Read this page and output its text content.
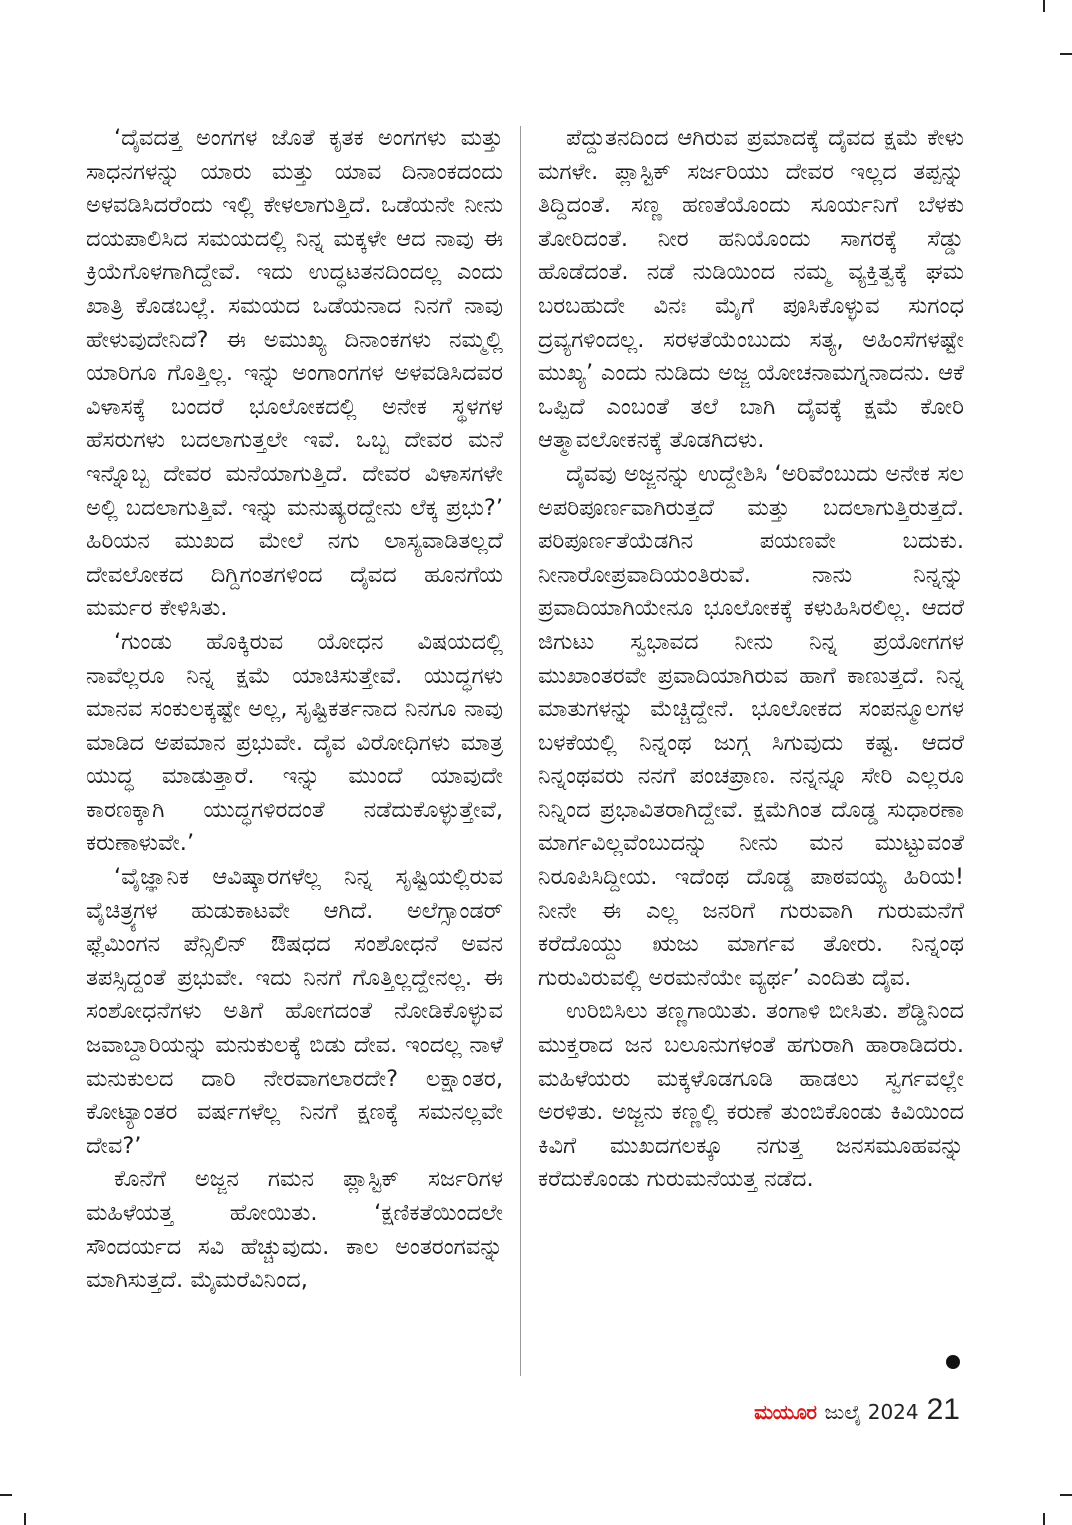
‘ದೈವದತ್ತ ಅಂಗಗಳ ಜೊತೆ ಕೃತಕ ಅಂಗಗಳು ಮತ್ತು ಸಾಧನಗಳನ್ನು ಯಾರು ಮತ್ತು ಯಾವ ದಿನಾಂಕದಂದು ಅಳವಡಿಸಿದರೆಂದು ಇಲ್ಲಿ ಕೇಳಲಾಗುತ್ತಿದೆ. ಒಡೆಯನೇ ನೀನು ದಯಪಾಲಿಸಿದ ಸಮಯದಲ್ಲಿ ನಿನ್ನ ಮಕ್ಕಳೇ ಆದ ನಾವು ಈ ಕ್ರಿಯೆಗೊಳಗಾಗಿದ್ದೇವೆ. ಇದು ಉದ್ಧಟತನದಿಂದಲ್ಲ ಎಂದು ಖಾತ್ರಿ ಕೊಡಬಲ್ಲೆ. ಸಮಯದ ಒಡೆಯನಾದ ನಿನಗೆ ನಾವು ಹೇಳುವುದೇನಿದೆ? ಈ ಅಮುಖ್ಯ ದಿನಾಂಕಗಳು ನಮ್ಮಲ್ಲಿ ಯಾರಿಗೂ ಗೊತ್ತಿಲ್ಲ. ಇನ್ನು ಅಂಗಾಂಗಗಳ ಅಳವಡಿಸಿದವರ ವಿಳಾಸಕ್ಕೆ ಬಂದರೆ ಭೂಲೋಕದಲ್ಲಿ ಅನೇಕ ಸ್ಥಳಗಳ ಹೆಸರುಗಳು ಬದಲಾಗುತ್ತಲೇ ಇವೆ. ಒಬ್ಬ ದೇವರ ಮನೆ ಇನ್ನೊಬ್ಬ ದೇವರ ಮನೆಯಾಗುತ್ತಿದೆ. ದೇವರ ವಿಳಾಸಗಳೇ ಅಲ್ಲಿ ಬದಲಾಗುತ್ತಿವೆ. ಇನ್ನು ಮನುಷ್ಯರದ್ದೇನು ಲೆಕ್ಕ ಪ್ರಭು?’ ಹಿರಿಯನ ಮುಖದ ಮೇಲೆ ನಗು ಲಾಸ್ಯವಾಡಿತಲ್ಲದೆ ದೇವಲೋಕದ ದಿಗ್ದಿಗಂತಗಳಿಂದ ದೈವದ ಹೂನಗೆಯ ಮರ್ಮರ ಕೇಳಿಸಿತು.

‘ಗುಂಡು ಹೊಕ್ಕಿರುವ ಯೋಧನ ವಿಷಯದಲ್ಲಿ ನಾವೆಲ್ಲರೂ ನಿನ್ನ ಕ್ಷಮೆ ಯಾಚಿಸುತ್ತೇವೆ. ಯುದ್ಧಗಳು ಮಾನವ ಸಂಕುಲಕ್ಕಷ್ಟೇ ಅಲ್ಲ, ಸೃಷ್ಟಿಕರ್ತನಾದ ನಿನಗೂ ನಾವು ಮಾಡಿದ ಅಪಮಾನ ಪ್ರಭುವೇ. ದೈವ ವಿರೋಧಿಗಳು ಮಾತ್ರ ಯುದ್ಧ ಮಾಡುತ್ತಾರೆ. ಇನ್ನು ಮುಂದೆ ಯಾವುದೇ ಕಾರಣಕ್ಕಾಗಿ ಯುದ್ಧಗಳಿರದಂತೆ ನಡೆದುಕೊಳ್ಳುತ್ತೇವೆ, ಕರುಣಾಳುವೇ.’

‘ವೈಜ್ಞಾನಿಕ ಆವಿಷ್ಕಾರಗಳೆಲ್ಲ ನಿನ್ನ ಸೃಷ್ಟಿಯಲ್ಲಿರುವ ವೈಚಿತ್ರ್ಯಗಳ ಹುಡುಕಾಟವೇ ಆಗಿದೆ. ಅಲೆಗ್ಸಾಂಡರ್ ಫ್ಲೆಮಿಂಗನ ಪೆನ್ಸಿಲಿನ್ ಔಷಧದ ಸಂಶೋಧನೆ ಅವನ ತಪಸ್ಸಿದ್ದಂತೆ ಪ್ರಭುವೇ. ಇದು ನಿನಗೆ ಗೊತ್ತಿಲ್ಲದ್ದೇನಲ್ಲ. ಈ ಸಂಶೋಧನೆಗಳು ಅತಿಗೆ ಹೋಗದಂತೆ ನೋಡಿಕೊಳ್ಳುವ ಜವಾಬ್ದಾರಿಯನ್ನು ಮನುಕುಲಕ್ಕೆ ಬಿಡು ದೇವ. ಇಂದಲ್ಲ ನಾಳೆ ಮನುಕುಲದ ದಾರಿ ನೇರವಾಗಲಾರದೇ? ಲಕ್ಷಾಂತರ, ಕೋಟ್ಯಾಂತರ ವರ್ಷಗಳೆಲ್ಲ ನಿನಗೆ ಕ್ಷಣಕ್ಕೆ ಸಮನಲ್ಲವೇ ದೇವ?’

ಕೊನೆಗೆ ಅಜ್ಜನ ಗಮನ ಪ್ಲಾಸ್ಟಿಕ್ ಸರ್ಜರಿಗಳ ಮಹಿಳೆಯತ್ತ ಹೋಯಿತು. ‘ಕ್ಷಣಿಕತೆಯಿಂದಲೇ ಸೌಂದರ್ಯದ ಸವಿ ಹೆಚ್ಚುವುದು. ಕಾಲ ಅಂತರಂಗವನ್ನು ಮಾಗಿಸುತ್ತದೆ. ಮೈಮರೆವಿನಿಂದ,

ಪೆದ್ದುತನದಿಂದ ಆಗಿರುವ ಪ್ರಮಾದಕ್ಕೆ ದೈವದ ಕ್ಷಮೆ ಕೇಳು ಮಗಳೇ. ಪ್ಲಾಸ್ಟಿಕ್ ಸರ್ಜರಿಯು ದೇವರ ಇಲ್ಲದ ತಪ್ಪನ್ನು ತಿದ್ದಿದಂತೆ. ಸಣ್ಣ ಹಣತೆಯೊಂದು ಸೂರ್ಯನಿಗೆ ಬೆಳಕು ತೋರಿದಂತೆ. ನೀರ ಹನಿಯೊಂದು ಸಾಗರಕ್ಕೆ ಸೆಡ್ಡು ಹೊಡೆದಂತೆ. ನಡೆ ನುಡಿಯಿಂದ ನಮ್ಮ ವ್ಯಕ್ತಿತ್ವಕ್ಕೆ ಘಮ ಬರಬಹುದೇ ವಿನಃ ಮೈಗೆ ಪೂಸಿಕೊಳ್ಳುವ ಸುಗಂಧ ದ್ರವ್ಯಗಳಿಂದಲ್ಲ. ಸರಳತೆಯೆಂಬುದು ಸತ್ಯ, ಅಹಿಂಸೆಗಳಷ್ಟೇ ಮುಖ್ಯ’ ಎಂದು ನುಡಿದು ಅಜ್ಜ ಯೋಚನಾಮಗ್ನನಾದನು. ಆಕೆ ಒಪ್ಪಿದೆ ಎಂಬಂತೆ ತಲೆ ಬಾಗಿ ದೈವಕ್ಕೆ ಕ್ಷಮೆ ಕೋರಿ ಆತ್ಮಾವಲೋಕನಕ್ಕೆ ತೊಡಗಿದಳು.

ದೈವವು ಅಜ್ಜನನ್ನು ಉದ್ದೇಶಿಸಿ ‘ಅರಿವೆಂಬುದು ಅನೇಕ ಸಲ ಅಪರಿಪೂರ್ಣವಾಗಿರುತ್ತದೆ ಮತ್ತು ಬದಲಾಗುತ್ತಿರುತ್ತದೆ. ಪರಿಪೂರ್ಣತೆಯೆಡಗಿನ ಪಯಣವೇ ಬದುಕು. ನೀನಾರೋಪ್ರವಾದಿಯಂತಿರುವೆ. ನಾನು ನಿನ್ನನ್ನು ಪ್ರವಾದಿಯಾಗಿಯೇನೂ ಭೂಲೋಕಕ್ಕೆ ಕಳುಹಿಸಿರಲಿಲ್ಲ. ಆದರೆ ಜಿಗುಟು ಸ್ವಭಾವದ ನೀನು ನಿನ್ನ ಪ್ರಯೋಗಗಳ ಮುಖಾಂತರವೇ ಪ್ರವಾದಿಯಾಗಿರುವ ಹಾಗೆ ಕಾಣುತ್ತದೆ. ನಿನ್ನ ಮಾತುಗಳನ್ನು ಮೆಚ್ಚಿದ್ದೇನೆ. ಭೂಲೋಕದ ಸಂಪನ್ಮೂಲಗಳ ಬಳಕೆಯಲ್ಲಿ ನಿನ್ನಂಥ ಜುಗ್ಗ ಸಿಗುವುದು ಕಷ್ಟ. ಆದರೆ ನಿನ್ನಂಥವರು ನನಗೆ ಪಂಚಪ್ರಾಣ. ನನ್ನನ್ನೂ ಸೇರಿ ಎಲ್ಲರೂ ನಿನ್ನಿಂದ ಪ್ರಭಾವಿತರಾಗಿದ್ದೇವೆ. ಕ್ಷಮೆಗಿಂತ ದೊಡ್ಡ ಸುಧಾರಣಾ ಮಾರ್ಗವಿಲ್ಲವೆಂಬುದನ್ನು ನೀನು ಮನ ಮುಟ್ಟುವಂತೆ ನಿರೂಪಿಸಿದ್ದೀಯ. ಇದೆಂಥ ದೊಡ್ಡ ಪಾಠವಯ್ಯ ಹಿರಿಯ! ನೀನೇ ಈ ಎಲ್ಲ ಜನರಿಗೆ ಗುರುವಾಗಿ ಗುರುಮನೆಗೆ ಕರೆದೊಯ್ದು ಋಜು ಮಾರ್ಗವ ತೋರು. ನಿನ್ನಂಥ ಗುರುವಿರುವಲ್ಲಿ ಅರಮನೆಯೇ ವ್ಯರ್ಥ’ ಎಂದಿತು ದೈವ.

ಉರಿಬಿಸಿಲು ತಣ್ಣಗಾಯಿತು. ತಂಗಾಳಿ ಬೀಸಿತು. ಶೆಡ್ಡಿನಿಂದ ಮುಕ್ತರಾದ ಜನ ಬಲೂನುಗಳಂತೆ ಹಗುರಾಗಿ ಹಾರಾಡಿದರು. ಮಹಿಳೆಯರು ಮಕ್ಕಳೊಡಗೂಡಿ ಹಾಡಲು ಸ್ವರ್ಗವಲ್ಲೇ ಅರಳಿತು. ಅಜ್ಜನು ಕಣ್ಣಲ್ಲಿ ಕರುಣೆ ತುಂಬಿಕೊಂಡು ಕಿವಿಯಿಂದ ಕಿವಿಗೆ ಮುಖದಗಲಕ್ಕೂ ನಗುತ್ತ ಜನಸಮೂಹವನ್ನು ಕರೆದುಕೊಂಡು ಗುರುಮನೆಯತ್ತ ನಡೆದ.

ಮಯೂರ ಜುಲೈ 2024 21
